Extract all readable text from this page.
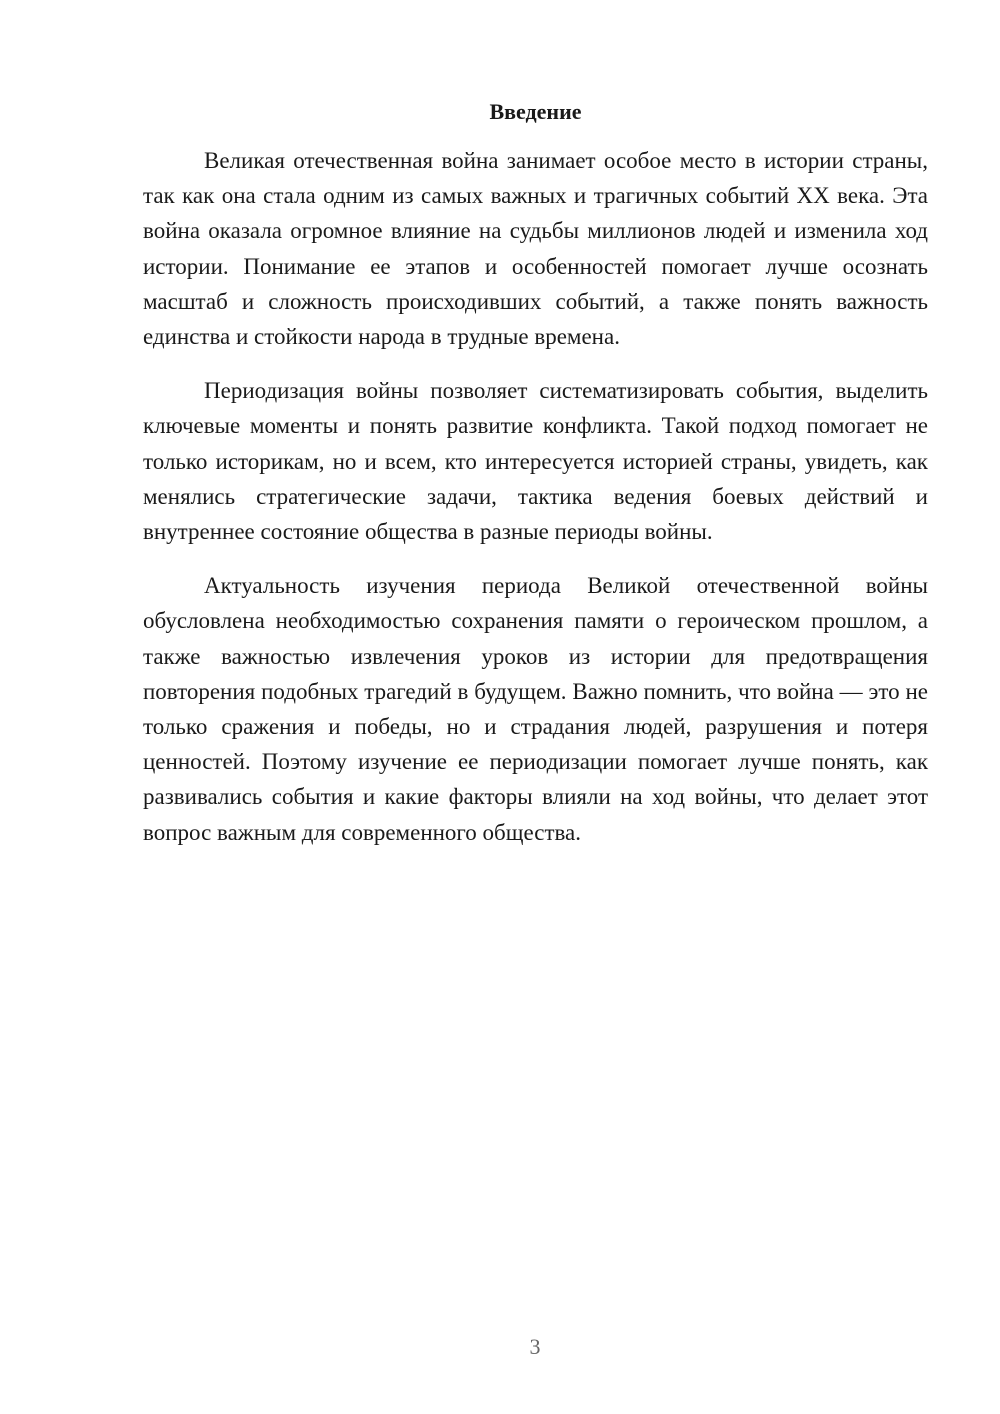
Введение

Великая отечественная война занимает особое место в истории страны, так как она стала одним из самых важных и трагичных событий XX века. Эта война оказала огромное влияние на судьбы миллионов людей и изменила ход истории. Понимание ее этапов и особенностей помогает лучше осознать масштаб и сложность происходивших событий, а также понять важность единства и стойкости народа в трудные времена.

Периодизация войны позволяет систематизировать события, выделить ключевые моменты и понять развитие конфликта. Такой подход помогает не только историкам, но и всем, кто интересуется историей страны, увидеть, как менялись стратегические задачи, тактика ведения боевых действий и внутреннее состояние общества в разные периоды войны.

Актуальность изучения периода Великой отечественной войны обусловлена необходимостью сохранения памяти о героическом прошлом, а также важностью извлечения уроков из истории для предотвращения повторения подобных трагедий в будущем. Важно помнить, что война — это не только сражения и победы, но и страдания людей, разрушения и потеря ценностей. Поэтому изучение ее периодизации помогает лучше понять, как развивались события и какие факторы влияли на ход войны, что делает этот вопрос важным для современного общества.

3
